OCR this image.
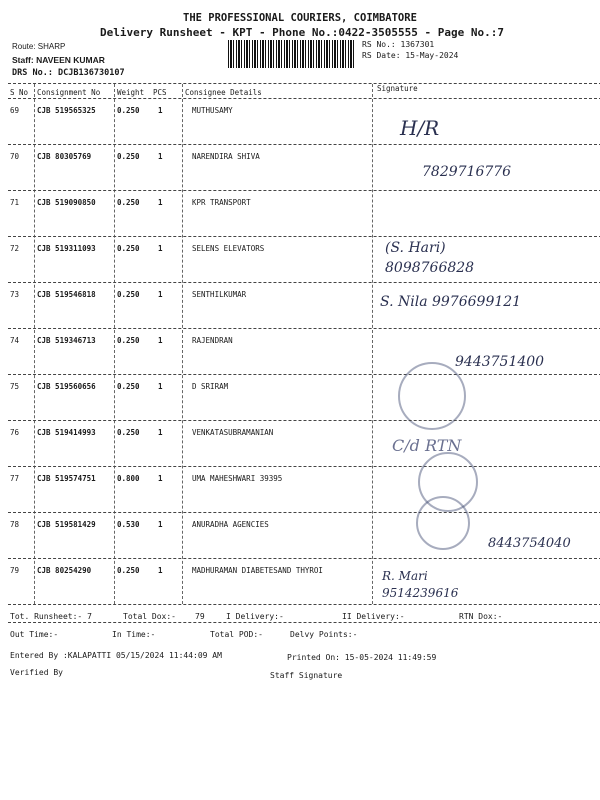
THE PROFESSIONAL COURIERS, COIMBATORE
Delivery Runsheet - KPT - Phone No.:0422-3505555 - Page No.:7
Route: SHARP
Staff: NAVEEN KUMAR
DRS No.: DCJB136730107
RS No.: 1367301
RS Date: 15-May-2024
S No Consignment No Weight PCS Consignee Details	Signature
69 CJB 519565325	0.250 1	MUTHUSAMY
H/R
70 CJB 80305769	0.250 1	NARENDIRA SHIVA
7829716776
71 CJB 519090850	0.250 1	KPR TRANSPORT
72 CJB 519311093	0.250 1	SELENS ELEVATORS	(S. Hari) 8098766828
73 CJB 519546818	0.250 1	SENTHILKUMAR	S. Nila 9976699121
74 CJB 519346713	0.250 1	RAJENDRAN
9443751400
75 CJB 519560656	0.250 1	D SRIRAM
76 CJB 519414993	0.250 1	VENKATASUBRAMANIAN
C/d RTN
77 CJB 519574751	0.800 1	UMA MAHESHWARI 39395
78 CJB 519581429	0.530 1	ANURADHA AGENCIES
8443754040
79 CJB 80254290	0.250 1	MADHURAMAN DIABETESAND THYROI	R. Mari 9514239616
Tot. Runsheet:- 7	Total Dox:- 79	I Delivery:-	II Delivery:-	RTN Dox:-
Out Time:-	In Time:-	Total POD:-	Delvy Points:-
Entered By :KALAPATTI 05/15/2024 11:44:09 AM	Printed On: 15-05-2024 11:49:59
Verified By	Staff Signature
